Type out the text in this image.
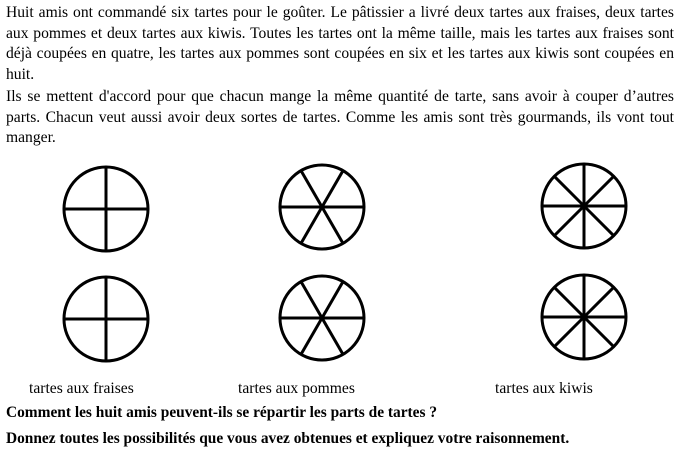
Huit amis ont commandé six tartes pour le goûter. Le pâtissier a livré deux tartes aux fraises, deux tartes aux pommes et deux tartes aux kiwis. Toutes les tartes ont la même taille, mais les tartes aux fraises sont déjà coupées en quatre, les tartes aux pommes sont coupées en six et les tartes aux kiwis sont coupées en huit.

Ils se mettent d'accord pour que chacun mange la même quantité de tarte, sans avoir à couper d’autres parts. Chacun veut aussi avoir deux sortes de tartes. Comme les amis sont très gourmands, ils vont tout manger.

tartes aux fraises	tartes aux pommes	tartes aux kiwis

Comment les huit amis peuvent-ils se répartir les parts de tartes ?

Donnez toutes les possibilités que vous avez obtenues et expliquez votre raisonnement.
